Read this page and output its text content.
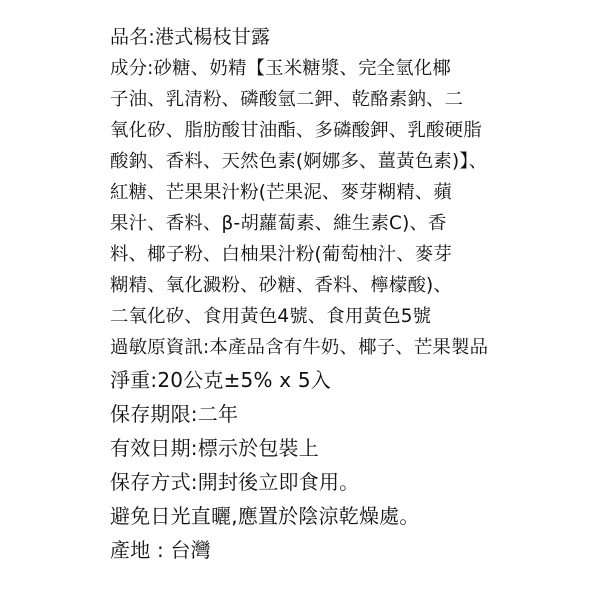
品名:港式楊枝甘露
成分:砂糖、奶精【玉米糖漿、完全氫化椰
子油、乳清粉、磷酸氫二鉀、乾酪素鈉、二
氧化矽、脂肪酸甘油酯、多磷酸鉀、乳酸硬脂
酸鈉、香料、天然色素(婀娜多、薑黃色素)】、
紅糖、芒果果汁粉(芒果泥、麥芽糊精、蘋
果汁、香料、β-胡蘿蔔素、維生素C)、香
料、椰子粉、白柚果汁粉(葡萄柚汁、麥芽
糊精、氧化澱粉、砂糖、香料、檸檬酸)、
二氧化矽、食用黃色4號、食用黃色5號
過敏原資訊:本產品含有牛奶、椰子、芒果製品
淨重:20公克±5% x 5入
保存期限:二年
有效日期:標示於包裝上
保存方式:開封後立即食用。
避免日光直曬,應置於陰涼乾燥處。
產地 : 台灣
